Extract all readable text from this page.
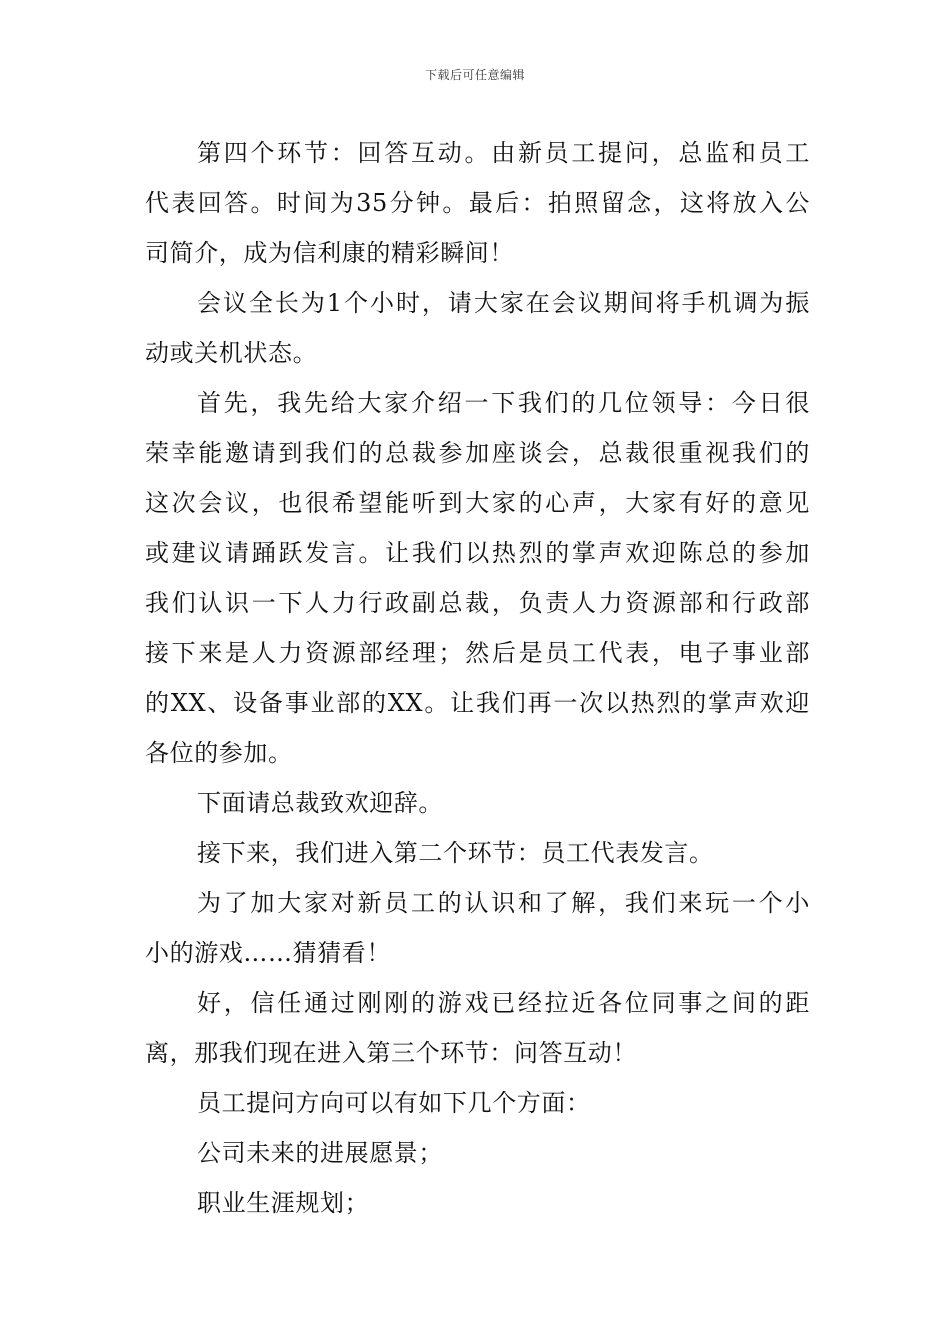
下载后可任意编辑
第四个环节：回答互动。由新员工提问，总监和员工
代表回答。时间为35分钟。最后：拍照留念，这将放入公
司简介，成为信利康的精彩瞬间！
会议全长为1个小时，请大家在会议期间将手机调为振
动或关机状态。
首先，我先给大家介绍一下我们的几位领导：今日很
荣幸能邀请到我们的总裁参加座谈会，总裁很重视我们的
这次会议，也很希望能听到大家的心声，大家有好的意见
或建议请踊跃发言。让我们以热烈的掌声欢迎陈总的参加
我们认识一下人力行政副总裁，负责人力资源部和行政部
接下来是人力资源部经理；然后是员工代表，电子事业部
的XX、设备事业部的XX。让我们再一次以热烈的掌声欢迎
各位的参加。
下面请总裁致欢迎辞。
接下来，我们进入第二个环节：员工代表发言。
为了加大家对新员工的认识和了解，我们来玩一个小
小的游戏……猜猜看！
好，信任通过刚刚的游戏已经拉近各位同事之间的距
离，那我们现在进入第三个环节：问答互动！
员工提问方向可以有如下几个方面：
公司未来的进展愿景；
职业生涯规划；
